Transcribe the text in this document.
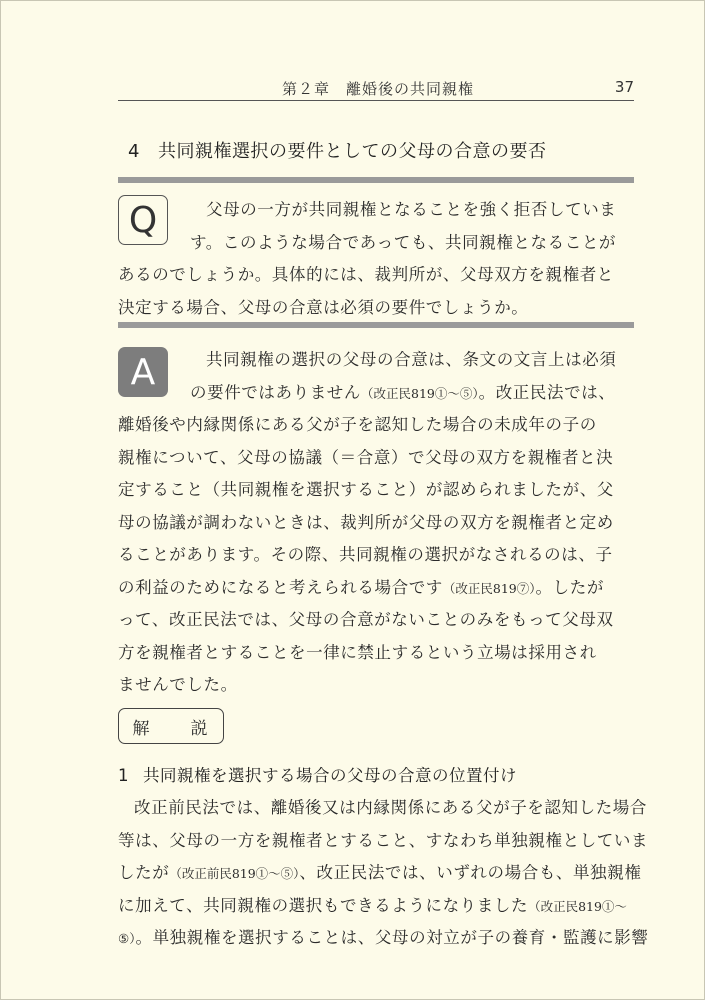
第２章　離婚後の共同親権	37
4 共同親権選択の要件としての父母の合意の要否
Q	父母の一方が共同親権となることを強く拒否していま
す。このような場合であっても、共同親権となることが
あるのでしょうか。具体的には、裁判所が、父母双方を親権者と
決定する場合、父母の合意は必須の要件でしょうか。
A	共同親権の選択の父母の合意は、条文の文言上は必須
の要件ではありません（改正民819①～⑤）。改正民法では、
離婚後や内縁関係にある父が子を認知した場合の未成年の子の
親権について、父母の協議（＝合意）で父母の双方を親権者と決
定すること（共同親権を選択すること）が認められましたが、父
母の協議が調わないときは、裁判所が父母の双方を親権者と定め
ることがあります。その際、共同親権の選択がなされるのは、子
の利益のためになると考えられる場合です（改正民819⑦）。したが
って、改正民法では、父母の合意がないことのみをもって父母双
方を親権者とすることを一律に禁止するという立場は採用され
ませんでした。
解　説
1 共同親権を選択する場合の父母の合意の位置付け
改正前民法では、離婚後又は内縁関係にある父が子を認知した場合
等は、父母の一方を親権者とすること、すなわち単独親権としていま
したが（改正前民819①～⑤）、改正民法では、いずれの場合も、単独親権
に加えて、共同親権の選択もできるようになりました（改正民819①～
⑤）。単独親権を選択することは、父母の対立が子の養育・監護に影響
